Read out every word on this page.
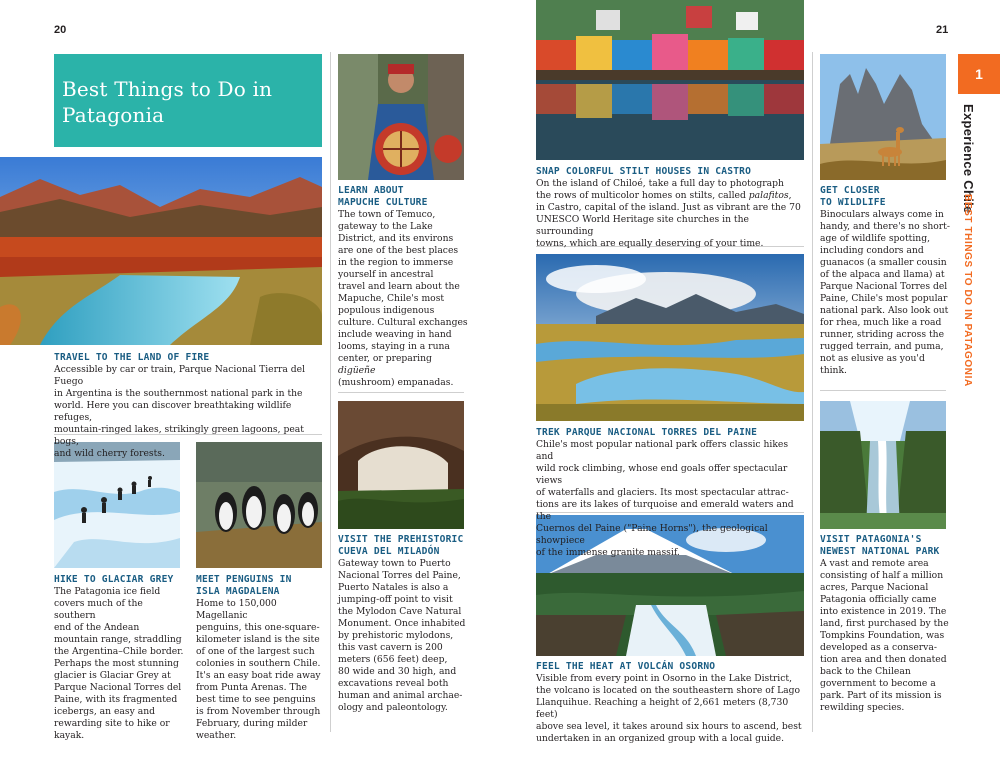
20	21
Best Things to Do in
Patagonia
TRAVEL TO THE LAND OF FIRE
Accessible by car or train, Parque Nacional Tierra del Fuego
in Argentina is the southernmost national park in the
world. Here you can discover breathtaking wildlife refuges,
mountain-ringed lakes, strikingly green lagoons, peat bogs,
and wild cherry forests.
LEARN ABOUT
MAPUCHE CULTURE
The town of Temuco,
gateway to the Lake
District, and its environs
are one of the best places
in the region to immerse
yourself in ancestral
travel and learn about the
Mapuche, Chile's most
populous indigenous
culture. Cultural exchanges
include weaving in hand
looms, staying in a runa
center, or preparing digüeñe
(mushroom) empanadas.
HIKE TO GLACIAR GREY
The Patagonia ice field
covers much of the southern
end of the Andean
mountain range, straddling
the Argentina–Chile border.
Perhaps the most stunning
glacier is Glaciar Grey at
Parque Nacional Torres del
Paine, with its fragmented
icebergs, an easy and
rewarding site to hike or
kayak.
MEET PENGUINS IN
ISLA MAGDALENA
Home to 150,000 Magellanic
penguins, this one-square-
kilometer island is the site
of one of the largest such
colonies in southern Chile.
It's an easy boat ride away
from Punta Arenas. The
best time to see penguins
is from November through
February, during milder
weather.
VISIT THE PREHISTORIC
CUEVA DEL MILADÓN
Gateway town to Puerto
Nacional Torres del Paine,
Puerto Natales is also a
jumping-off point to visit
the Mylodon Cave Natural
Monument. Once inhabited
by prehistoric mylodons,
this vast cavern is 200
meters (656 feet) deep,
80 wide and 30 high, and
excavations reveal both
human and animal archae-
ology and paleontology.
SNAP COLORFUL STILT HOUSES IN CASTRO
On the island of Chiloé, take a full day to photograph
the rows of multicolor homes on stilts, called palafitos,
in Castro, capital of the island. Just as vibrant are the 70
UNESCO World Heritage site churches in the surrounding
towns, which are equally deserving of your time.
TREK PARQUE NACIONAL TORRES DEL PAINE
Chile's most popular national park offers classic hikes and
wild rock climbing, whose end goals offer spectacular views
of waterfalls and glaciers. Its most spectacular attrac-
tions are its lakes of turquoise and emerald waters and the
Cuernos del Paine ("Paine Horns"), the geological showpiece
of the immense granite massif.
FEEL THE HEAT AT VOLCÁN OSORNO
Visible from every point in Osorno in the Lake District,
the volcano is located on the southeastern shore of Lago
Llanquihue. Reaching a height of 2,661 meters (8,730 feet)
above sea level, it takes around six hours to ascend, best
undertaken in an organized group with a local guide.
GET CLOSER
TO WILDLIFE
Binoculars always come in
handy, and there's no short-
age of wildlife spotting,
including condors and
guanacos (a smaller cousin
of the alpaca and llama) at
Parque Nacional Torres del
Paine, Chile's most popular
national park. Also look out
for rhea, much like a road
runner, striding across the
rugged terrain, and puma,
not as elusive as you'd
think.
VISIT PATAGONIA'S
NEWEST NATIONAL PARK
A vast and remote area
consisting of half a million
acres, Parque Nacional
Patagonia officially came
into existence in 2019. The
land, first purchased by the
Tompkins Foundation, was
developed as a conserva-
tion area and then donated
back to the Chilean
government to become a
park. Part of its mission is
rewilding species.
1
Experience Chile
BEST THINGS TO DO IN PATAGONIA
